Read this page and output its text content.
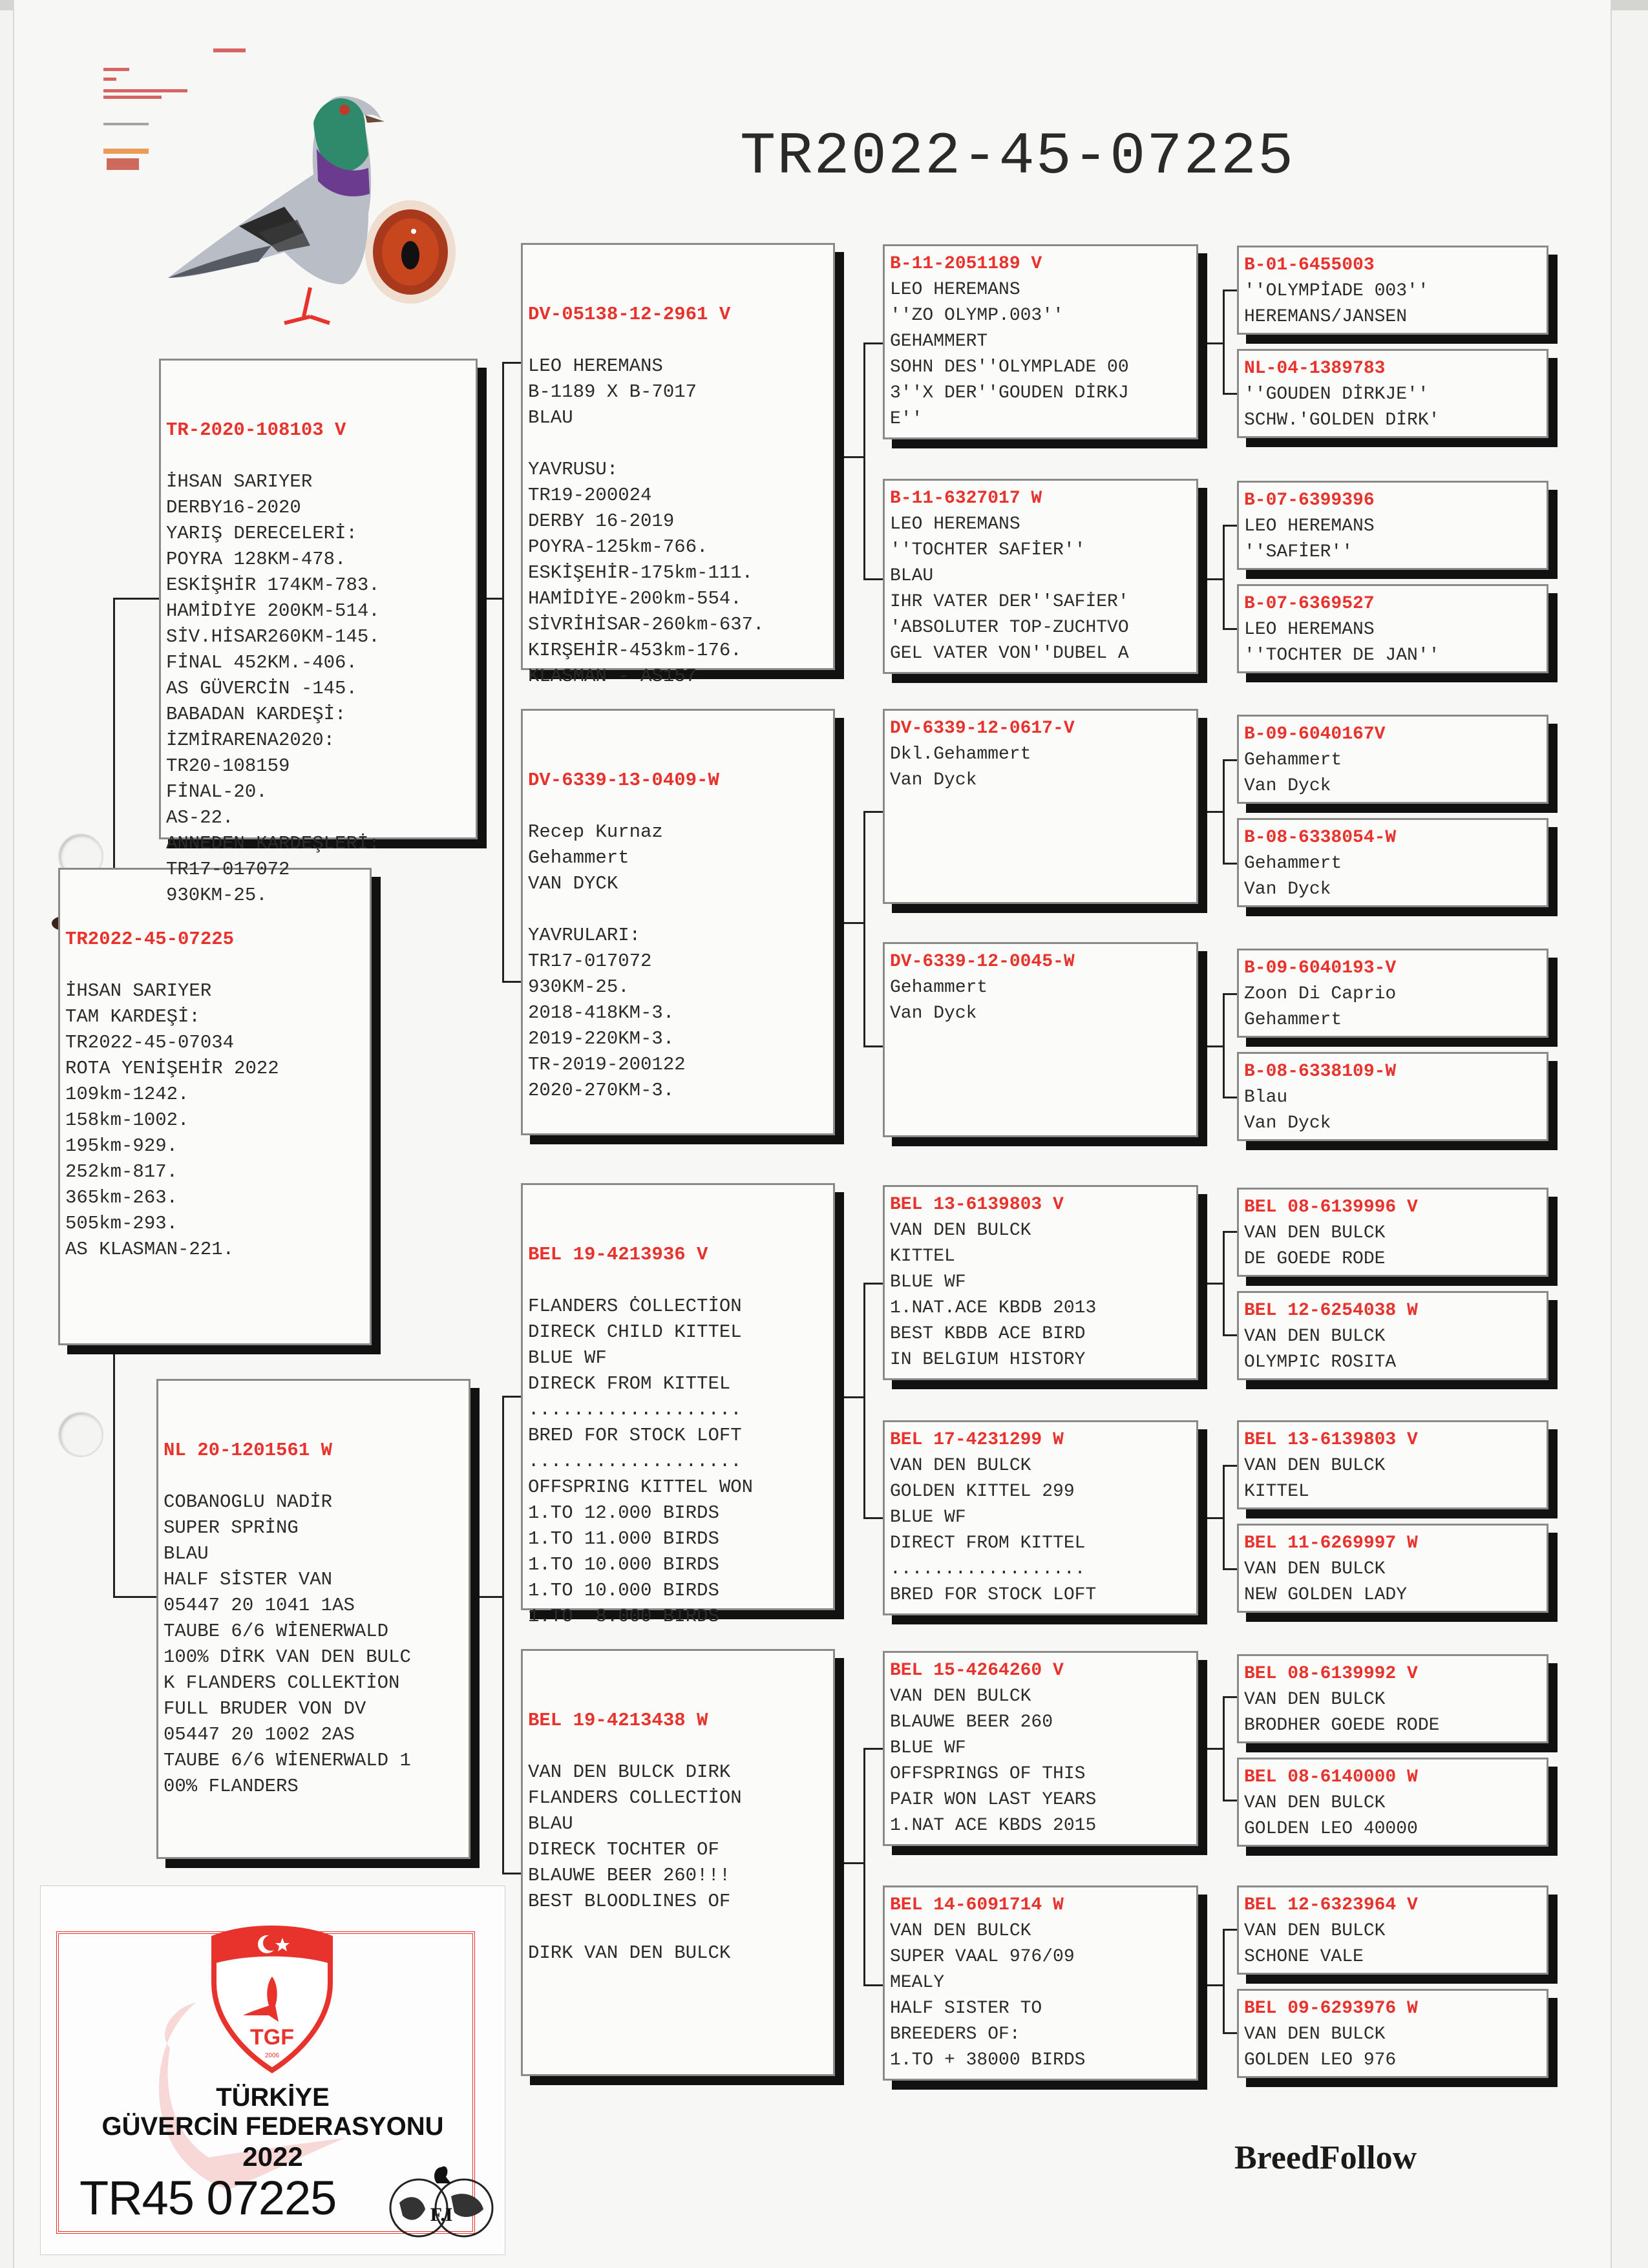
TR2022-45-07225

TR2022-45-07225

İHSAN SARIYER
TAM KARDEŞİ:
TR2022-45-07034
ROTA YENİŞEHİR 2022
109km-1242.
158km-1002.
195km-929.
252km-817.
365km-263.
505km-293.
AS KLASMAN-221.

TR-2020-108103 V

İHSAN SARIYER
DERBY16-2020
YARIŞ DERECELERİ:
POYRA 128KM-478.
ESKİŞHİR 174KM-783.
HAMİDİYE 200KM-514.
SİV.HİSAR260KM-145.
FİNAL 452KM.-406.
AS GÜVERCİN -145.
BABADAN KARDEŞİ:
İZMİRARENA2020:
TR20-108159
FİNAL-20.
AS-22.
ANNEDEN KARDEŞLERİ:
TR17-017072
930KM-25.

NL 20-1201561 W

COBANOGLU NADİR
SUPER SPRİNG
BLAU
HALF SİSTER VAN
05447 20 1041 1AS
TAUBE 6/6 WİENERWALD
100% DİRK VAN DEN BULC
K FLANDERS COLLEKTİON
FULL BRUDER VON DV
05447 20 1002 2AS
TAUBE 6/6 WİENERWALD 1
00% FLANDERS

DV-05138-12-2961 V

LEO HEREMANS
B-1189 X B-7017
BLAU
YAVRUSU:
TR19-200024
DERBY 16-2019
POYRA-125km-766.
ESKİŞEHİR-175km-111.
HAMİDİYE-200km-554.
SİVRİHİSAR-260km-637.
KIRŞEHİR-453km-176.
KLASMAN - AS157

DV-6339-13-0409-W

Recep Kurnaz
Gehammert
VAN DYCK
YAVRULARI:
TR17-017072
930KM-25.
2018-418KM-3.
2019-220KM-3.
TR-2019-200122
2020-270KM-3.

BEL 19-4213936 V

FLANDERS ĊOLLECTİON
DIRECK CHILD KITTEL
BLUE WF
DIRECK FROM KITTEL
...................
BRED FOR STOCK LOFT
...................
OFFSPRING KITTEL WON
1.TO 12.000 BIRDS
1.TO 11.000 BIRDS
1.TO 10.000 BIRDS
1.TO 10.000 BIRDS
1.TO  8.000 BIRDS

BEL 19-4213438 W

VAN DEN BULCK DIRK
FLANDERS COLLECTİON
BLAU
DIRECK TOCHTER OF
BLAUWE BEER 260!!!
BEST BLOODLINES OF
DIRK VAN DEN BULCK
B-11-2051189 V
LEO HEREMANS
''ZO OLYMP.003''
GEHAMMERT
SOHN DES''OLYMPLADE 00
3''X DER''GOUDEN DİRKJ
E''
B-11-6327017 W
LEO HEREMANS
''TOCHTER SAFİER''
BLAU
IHR VATER DER''SAFİER'
'ABSOLUTER TOP-ZUCHTVO
GEL VATER VON''DUBEL A
DV-6339-12-0617-V
Dkl.Gehammert
Van Dyck
DV-6339-12-0045-W
Gehammert
Van Dyck
BEL 13-6139803 V
VAN DEN BULCK
KITTEL
BLUE WF
1.NAT.ACE KBDB 2013
BEST KBDB ACE BIRD
IN BELGIUM HISTORY
BEL 17-4231299 W
VAN DEN BULCK
GOLDEN KITTEL 299
BLUE WF
DIRECT FROM KITTEL
..................
BRED FOR STOCK LOFT
BEL 15-4264260 V
VAN DEN BULCK
BLAUWE BEER 260
BLUE WF
OFFSPRINGS OF THIS
PAIR WON LAST YEARS
1.NAT ACE KBDS 2015
BEL 14-6091714 W
VAN DEN BULCK
SUPER VAAL 976/09
MEALY
HALF SISTER TO
BREEDERS OF:
1.TO + 38000 BIRDS
B-01-6455003
''OLYMPİADE 003''
HEREMANS/JANSEN
NL-04-1389783
''GOUDEN DİRKJE''
SCHW.'GOLDEN DİRK'
B-07-6399396
LEO HEREMANS
''SAFİER''
B-07-6369527
LEO HEREMANS
''TOCHTER DE JAN''
B-09-6040167V
Gehammert
Van Dyck
B-08-6338054-W
Gehammert
Van Dyck
B-09-6040193-V
Zoon Di Caprio
Gehammert
B-08-6338109-W
Blau
Van Dyck
BEL 08-6139996 V
VAN DEN BULCK
DE GOEDE RODE
BEL 12-6254038 W
VAN DEN BULCK
OLYMPIC ROSITA
BEL 13-6139803 V
VAN DEN BULCK
KITTEL
BEL 11-6269997 W
VAN DEN BULCK
NEW GOLDEN LADY
BEL 08-6139992 V
VAN DEN BULCK
BRODHER GOEDE RODE
BEL 08-6140000 W
VAN DEN BULCK
GOLDEN LEO 40000
BEL 12-6323964 V
VAN DEN BULCK
SCHONE VALE
BEL 09-6293976 W
VAN DEN BULCK
GOLDEN LEO 976
TGF
2006
TÜRKİYE
GÜVERCİN FEDERASYONU
2022
TR45 07225	F.I
BreedFollow
